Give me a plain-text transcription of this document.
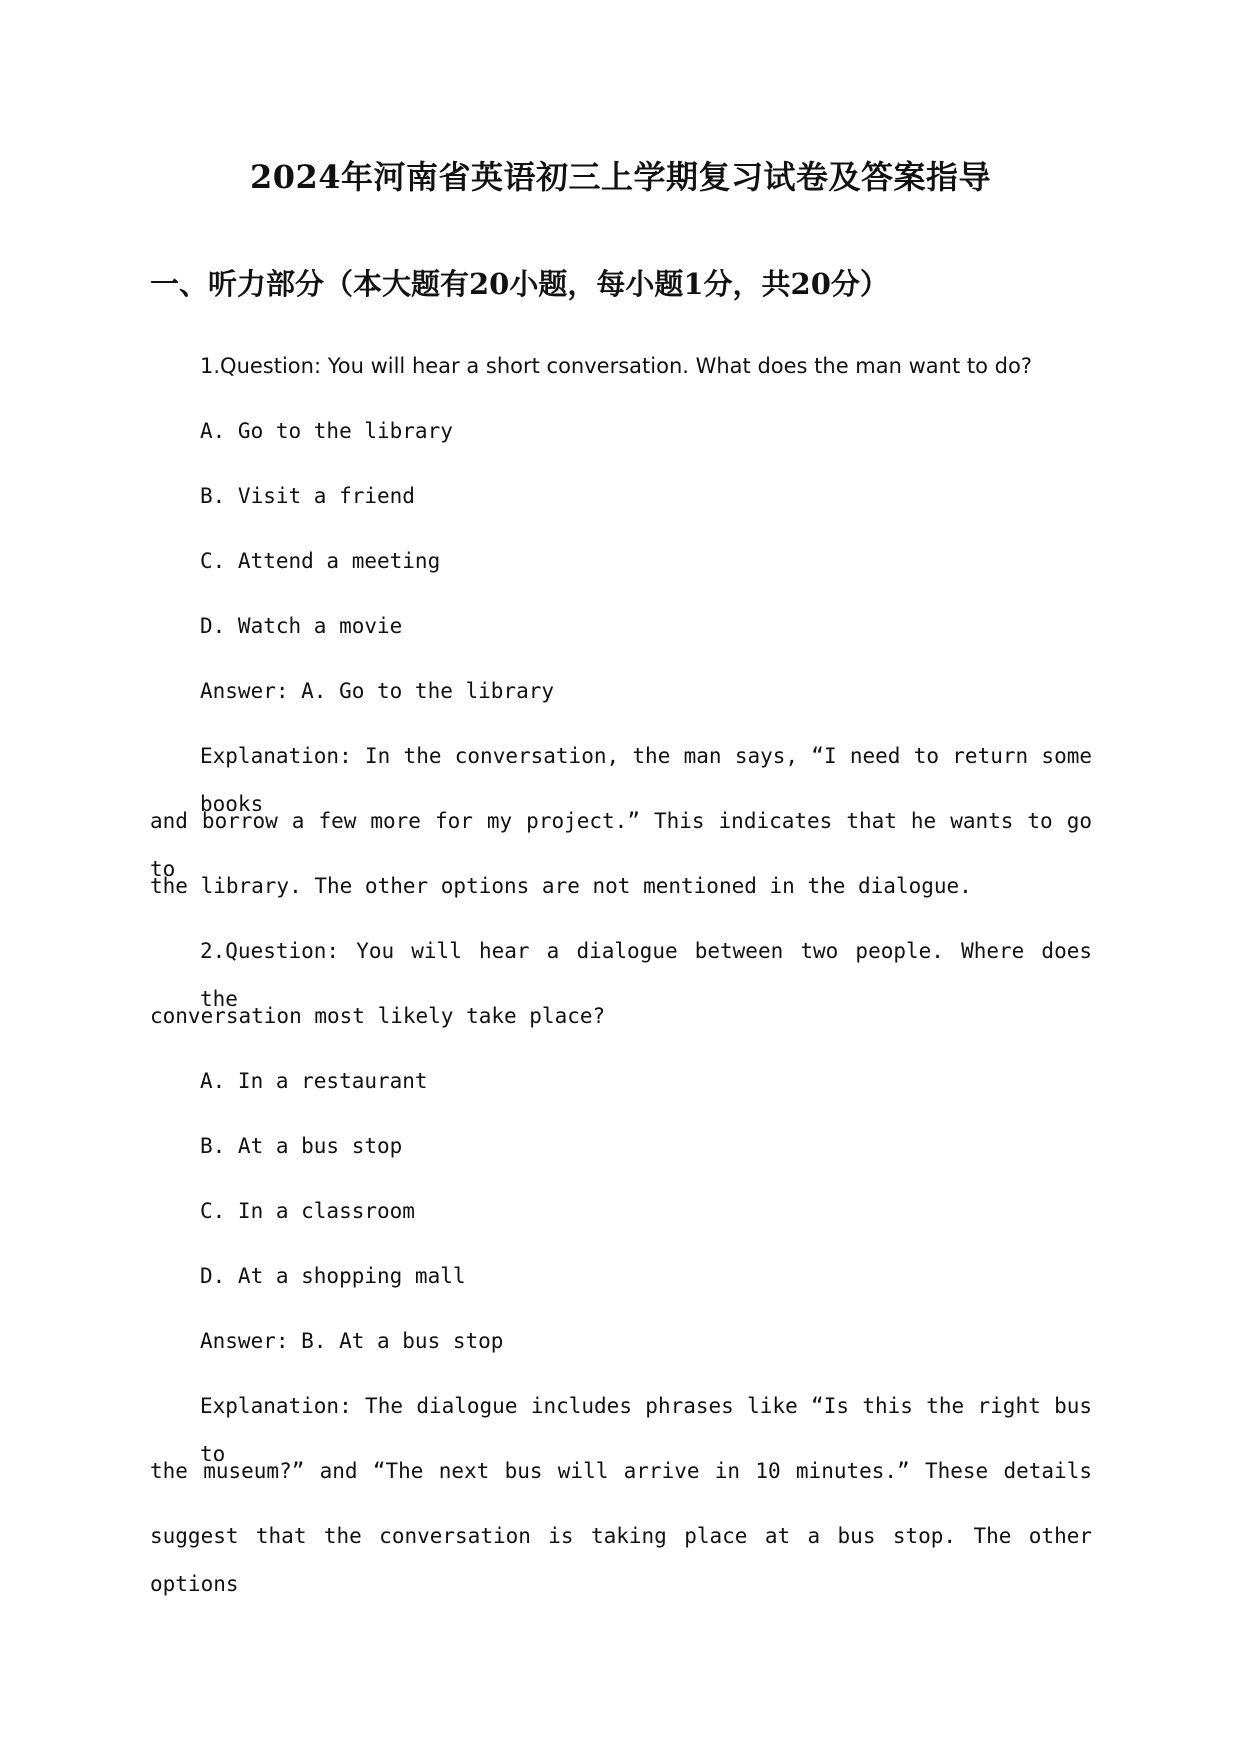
2024年河南省英语初三上学期复习试卷及答案指导
一、听力部分（本大题有20小题，每小题1分，共20分）
1.Question: You will hear a short conversation. What does the man want to do?
A. Go to the library
B. Visit a friend
C. Attend a meeting
D. Watch a movie
Answer: A. Go to the library
Explanation: In the conversation, the man says, “I need to return some books
and borrow a few more for my project.” This indicates that he wants to go to
the library. The other options are not mentioned in the dialogue.
2.Question: You will hear a dialogue between two people. Where does the
conversation most likely take place?
A. In a restaurant
B. At a bus stop
C. In a classroom
D. At a shopping mall
Answer: B. At a bus stop
Explanation: The dialogue includes phrases like “Is this the right bus to
the museum?” and “The next bus will arrive in 10 minutes.” These details
suggest that the conversation is taking place at a bus stop. The other options
